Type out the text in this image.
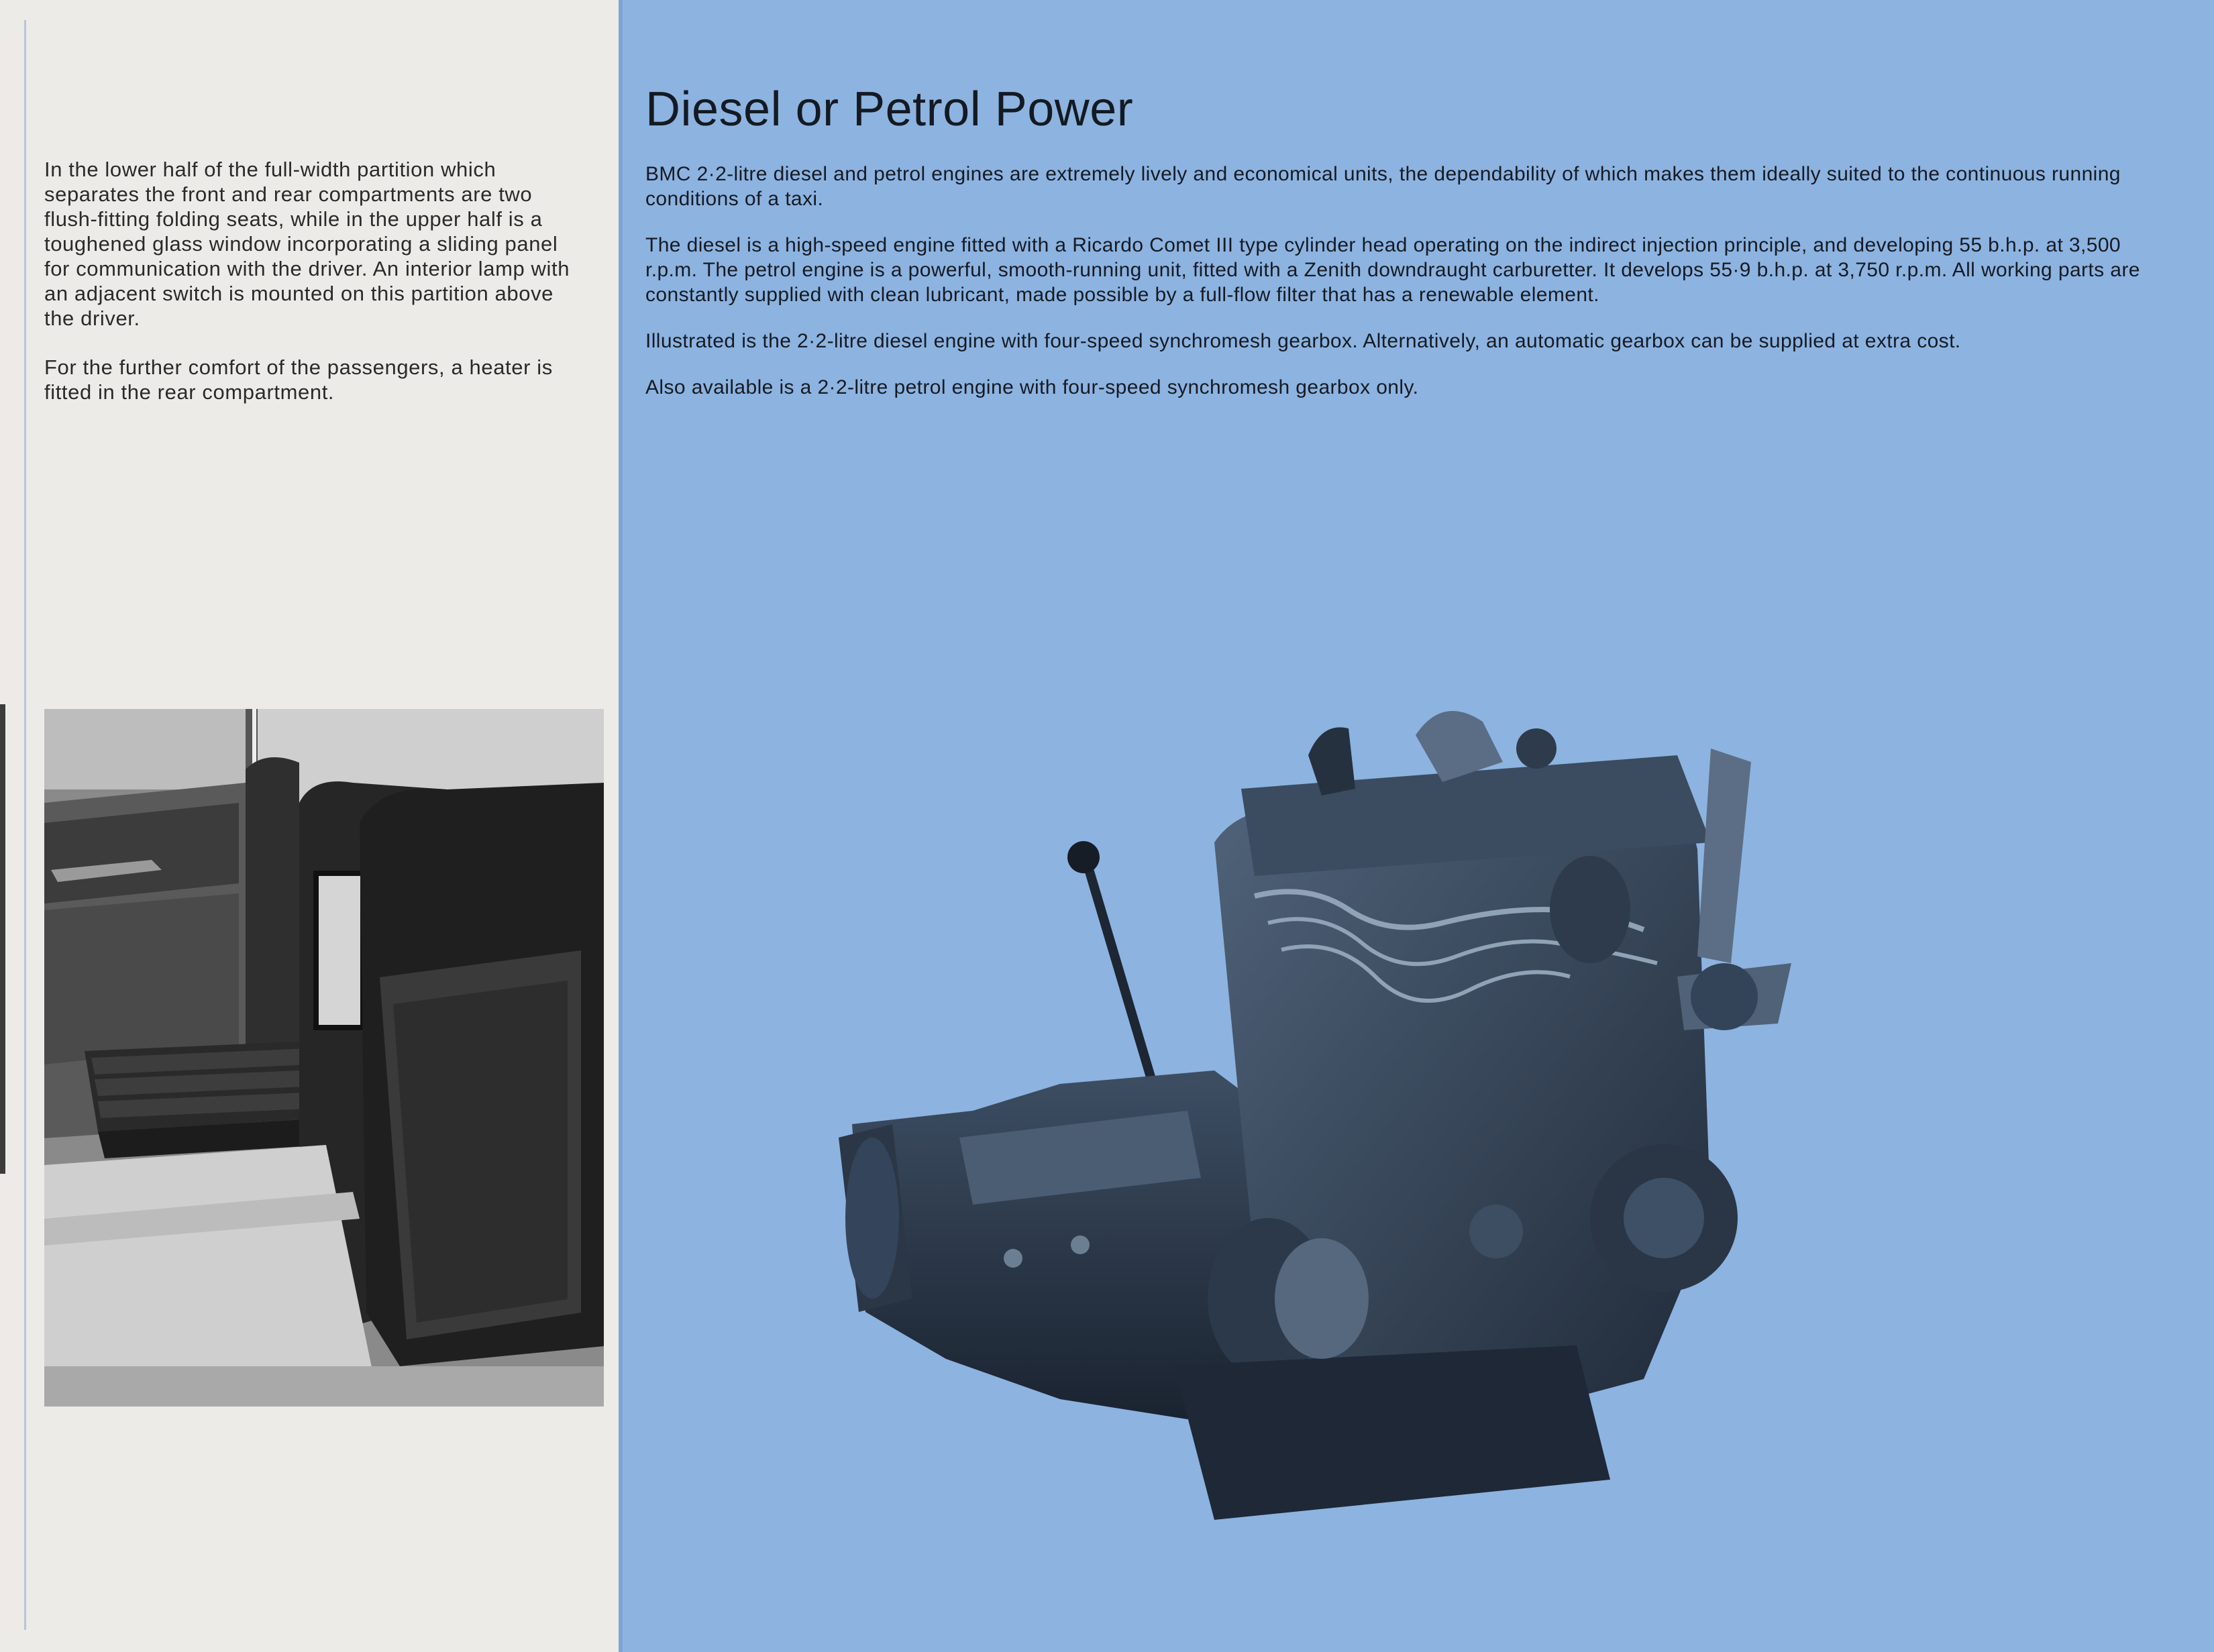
In the lower half of the full-width partition which separates the front and rear compartments are two flush-fitting folding seats, while in the upper half is a toughened glass window incorporating a sliding panel for communication with the driver. An interior lamp with an adjacent switch is mounted on this partition above the driver.

For the further comfort of the passengers, a heater is fitted in the rear compartment.

Diesel or Petrol Power

BMC 2·2-litre diesel and petrol engines are extremely lively and economical units, the dependability of which makes them ideally suited to the continuous running conditions of a taxi.

The diesel is a high-speed engine fitted with a Ricardo Comet III type cylinder head operating on the indirect injection principle, and developing 55 b.h.p. at 3,500 r.p.m. The petrol engine is a powerful, smooth-running unit, fitted with a Zenith downdraught carburetter. It develops 55·9 b.h.p. at 3,750 r.p.m. All working parts are constantly supplied with clean lubricant, made possible by a full-flow filter that has a renewable element.

Illustrated is the 2·2-litre diesel engine with four-speed synchromesh gearbox. Alternatively, an automatic gearbox can be supplied at extra cost.

Also available is a 2·2-litre petrol engine with four-speed synchromesh gearbox only.
